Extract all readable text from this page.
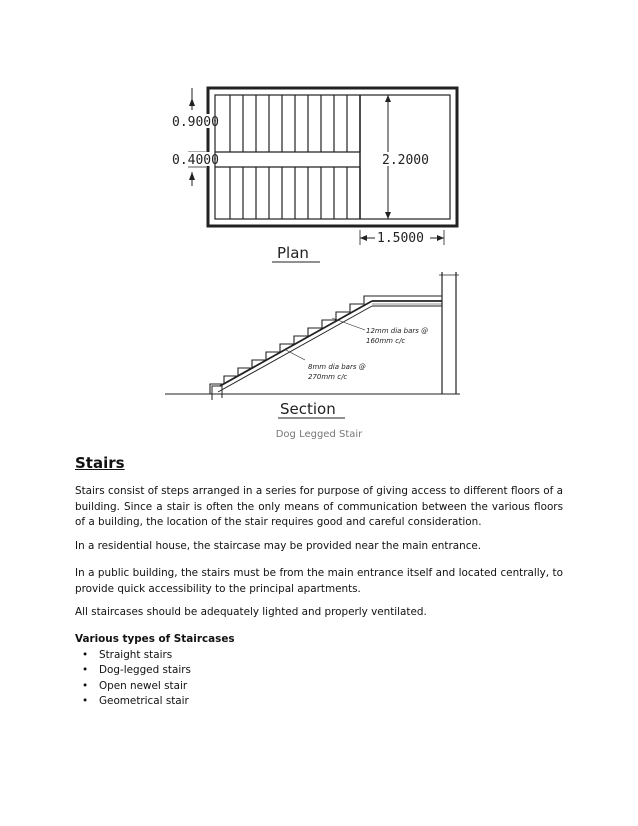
0.9000
0.4000	2.2000
1.5000
Plan
12mm dia bars @
160mm c/c
8mm dia bars @
270mm c/c
Section
Dog Legged Stair
Stairs

Stairs consist of steps arranged in a series for purpose of giving access to different floors of a building. Since a stair is often the only means of communication between the various floors of a building, the location of the stair requires good and careful consideration.

In a residential house, the staircase may be provided near the main entrance.

In a public building, the stairs must be from the main entrance itself and located centrally, to provide quick accessibility to the principal apartments.

All staircases should be adequately lighted and properly ventilated.

Various types of Staircases

• Straight stairs
• Dog-legged stairs
• Open newel stair
• Geometrical stair
